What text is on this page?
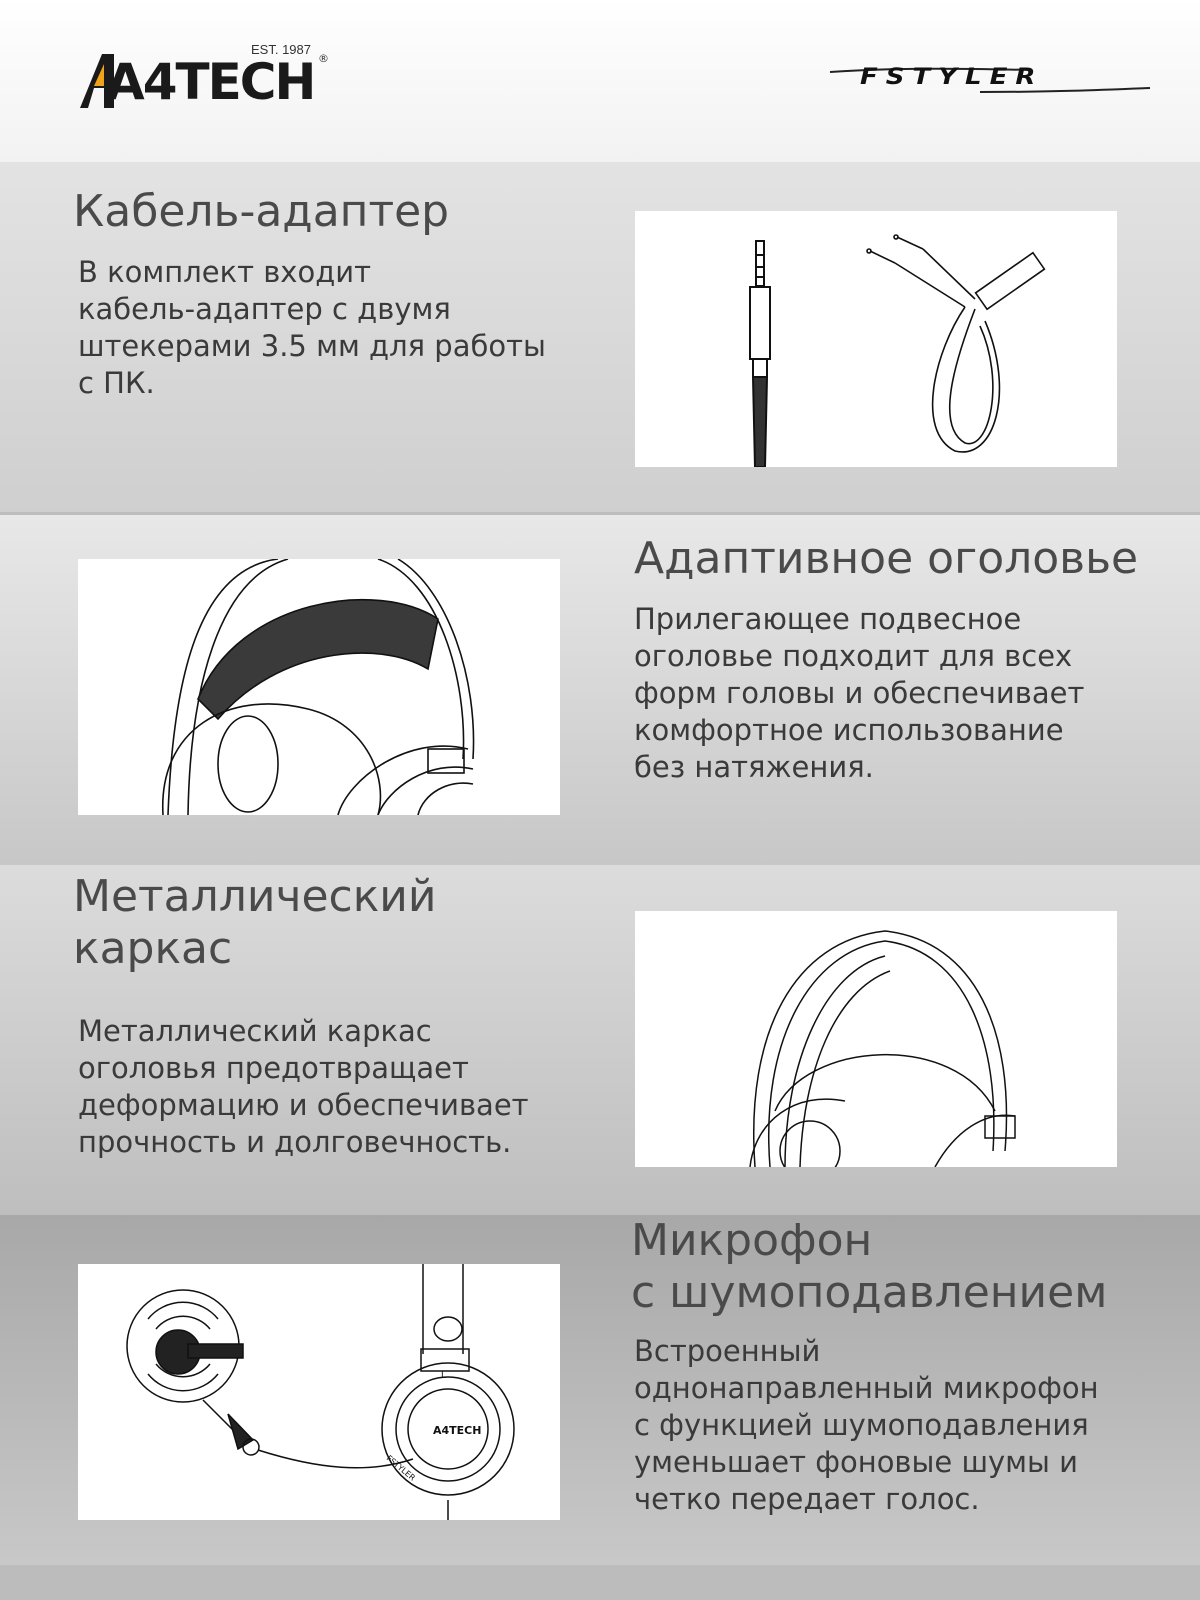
A4TECH
EST. 1987
®
FSTYLER
Кабель-адаптер

В комплект входит
кабель-адаптер с двумя
штекерами 3.5 мм для работы
с ПК.

Адаптивное оголовье

Прилегающее подвесное
оголовье подходит для всех
форм головы и обеспечивает
комфортное использование
без натяжения.

Металлический
каркас

Металлический каркас
оголовья предотвращает
деформацию и обеспечивает
прочность и долговечность.

A4TECH
L
FSTYLER
Микрофон
с шумоподавлением

Встроенный
однонаправленный микрофон
с функцией шумоподавления
уменьшает фоновые шумы и
четко передает голос.
